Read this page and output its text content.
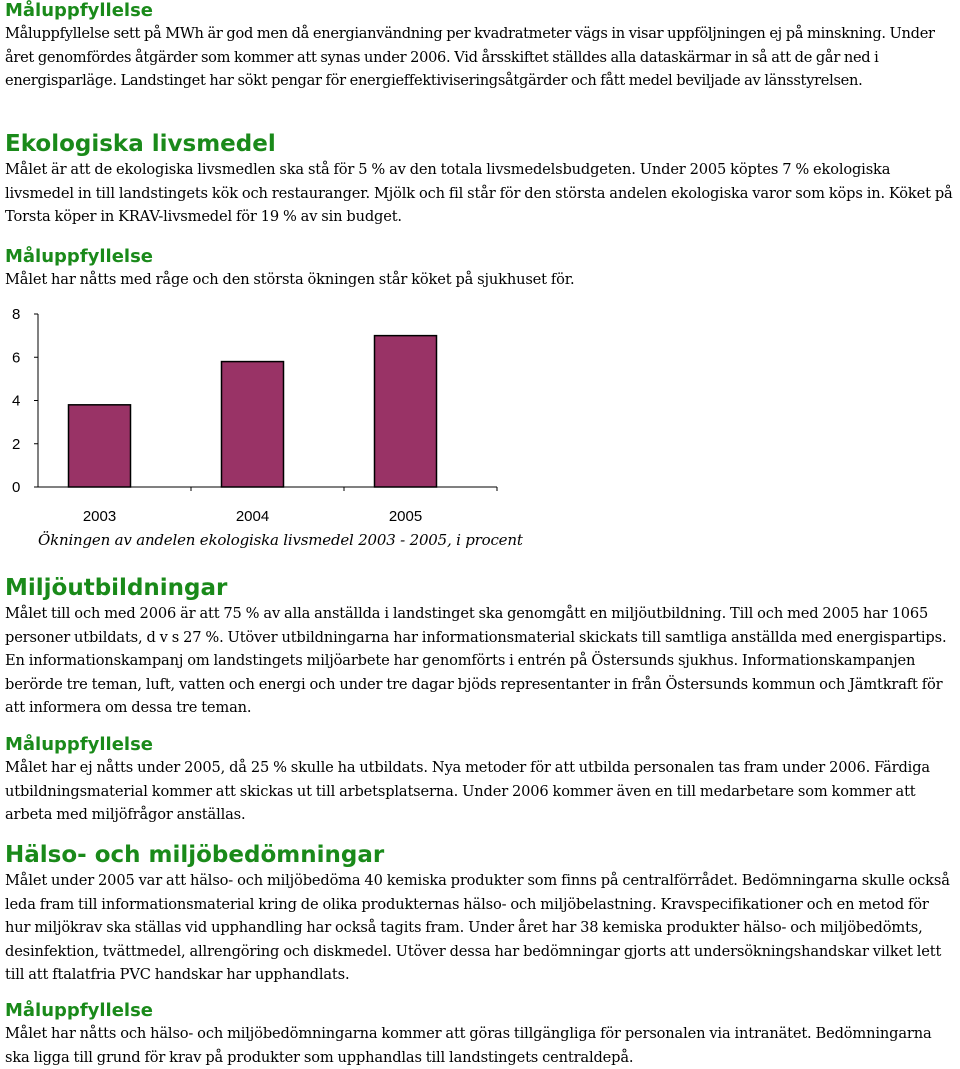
Måluppfyllelse

Måluppfyllelse sett på MWh är god men då energianvändning per kvadratmeter vägs in visar uppföljningen ej på minskning. Under året genomfördes åtgärder som kommer att synas under 2006. Vid årsskiftet ställdes alla dataskärmar in så att de går ned i energisparläge. Landstinget har sökt pengar för energieffektiviseringsåtgärder och fått medel beviljade av länsstyrelsen.

Ekologiska livsmedel

Målet är att de ekologiska livsmedlen ska stå för 5 % av den totala livsmedelsbudgeten. Under 2005 köptes 7 % ekologiska livsmedel in till landstingets kök och restauranger. Mjölk och fil står för den största andelen ekologiska varor som köps in. Köket på Torsta köper in KRAV-livsmedel för 19 % av sin budget.

Måluppfyllelse

Målet har nåtts med råge och den största ökningen står köket på sjukhuset för.

0
2
4
6
8
2003	2004	2005

Ökningen av andelen ekologiska livsmedel 2003 - 2005, i procent

Miljöutbildningar

Målet till och med 2006 är att 75 % av alla anställda i landstinget ska genomgått en miljöutbildning. Till och med 2005 har 1065 personer utbildats, d v s 27 %. Utöver utbildningarna har informationsmaterial skickats till samtliga anställda med energispartips. En informationskampanj om landstingets miljöarbete har genomförts i entrén på Östersunds sjukhus. Informationskampanjen berörde tre teman, luft, vatten och energi och under tre dagar bjöds representanter in från Östersunds kommun och Jämtkraft för att informera om dessa tre teman.

Måluppfyllelse

Målet har ej nåtts under 2005, då 25 % skulle ha utbildats. Nya metoder för att utbilda personalen tas fram under 2006. Färdiga utbildningsmaterial kommer att skickas ut till arbetsplatserna. Under 2006 kommer även en till medarbetare som kommer att arbeta med miljöfrågor anställas.

Hälso- och miljöbedömningar

Målet under 2005 var att hälso- och miljöbedöma 40 kemiska produkter som finns på centralförrådet. Bedömningarna skulle också leda fram till informationsmaterial kring de olika produkternas hälso- och miljöbelastning. Kravspecifikationer och en metod för hur miljökrav ska ställas vid upphandling har också tagits fram. Under året har 38 kemiska produkter hälso- och miljöbedömts, desinfektion, tvättmedel, allrengöring och diskmedel. Utöver dessa har bedömningar gjorts att undersökningshandskar vilket lett till att ftalatfria PVC handskar har upphandlats.

Måluppfyllelse

Målet har nåtts och hälso- och miljöbedömningarna kommer att göras tillgängliga för personalen via intranätet. Bedömningarna ska ligga till grund för krav på produkter som upphandlas till landstingets centraldepå.
